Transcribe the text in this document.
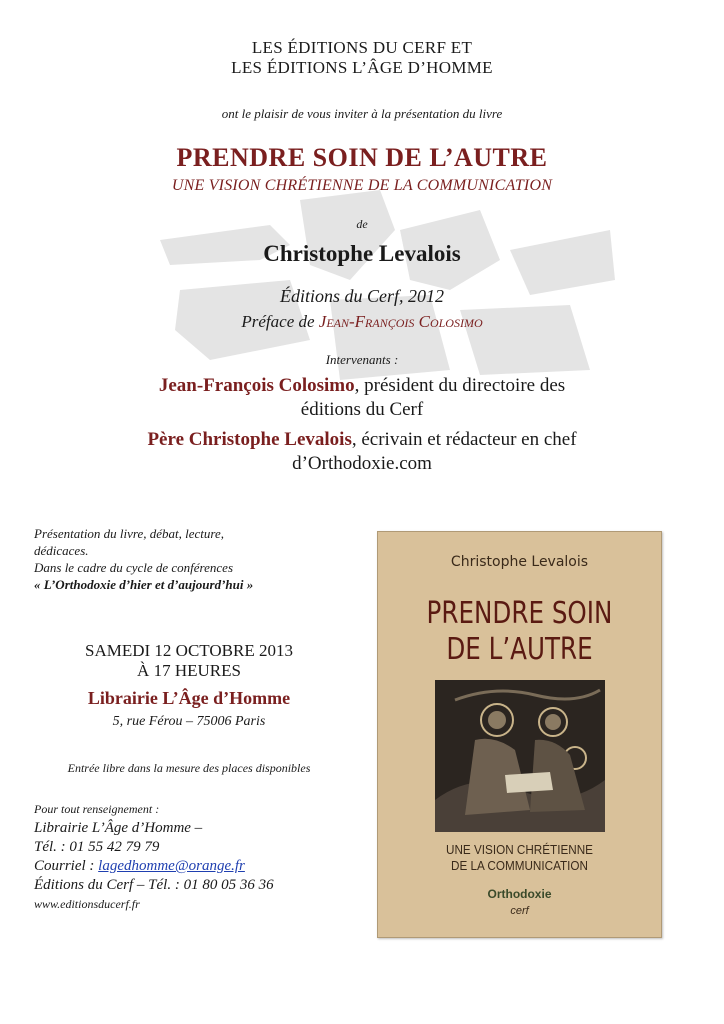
LES ÉDITIONS DU CERF ET
LES ÉDITIONS L’ÂGE D’HOMME
ont le plaisir de vous inviter à la présentation du livre
PRENDRE SOIN DE L’AUTRE
UNE VISION CHRÉTIENNE DE LA COMMUNICATION
de
Christophe Levalois
Éditions du Cerf, 2012
Préface de Jean-François Colosimo
Intervenants :
Jean-François Colosimo, président du directoire des
éditions du Cerf
Père Christophe Levalois, écrivain et rédacteur en chef
d’Orthodoxie.com
Présentation du livre, débat, lecture,
dédicaces.
Dans le cadre du cycle de conférences
« L’Orthodoxie d’hier et d’aujourd’hui »
SAMEDI 12 OCTOBRE 2013
À 17 HEURES
Librairie L’Âge d’Homme
5, rue Férou – 75006 Paris
Entrée libre dans la mesure des places disponibles
Pour tout renseignement :
Librairie L’Âge d’Homme –
Tél. : 01 55 42 79 79
Courriel : lagedhomme@orange.fr
Éditions du Cerf – Tél. : 01 80 05 36 36
www.editionsducerf.fr
Christophe Levalois
PRENDRE SOIN
DE L’AUTRE
UNE VISION CHRÉTIENNE
DE LA COMMUNICATION
Orthodoxie
cerf
